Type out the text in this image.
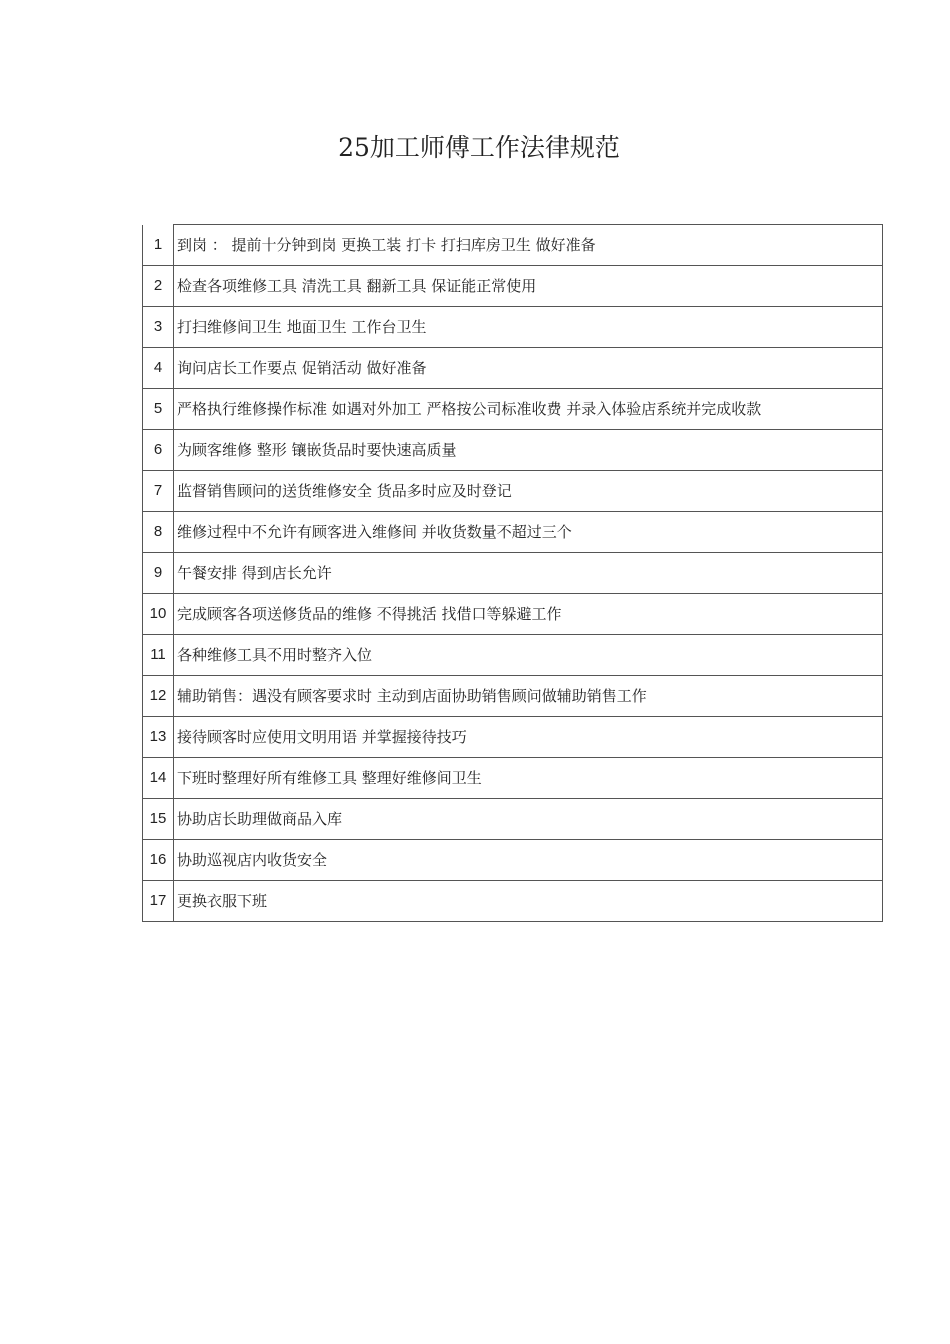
25加工师傅工作法律规范
1	到岗 ： 提前十分钟到岗 更换工装 打卡 打扫库房卫生 做好准备
2	检查各项维修工具 清洗工具 翻新工具 保证能正常使用
3	打扫维修间卫生 地面卫生 工作台卫生
4	询问店长工作要点 促销活动 做好准备
5	严格执行维修操作标准 如遇对外加工 严格按公司标准收费 并录入体验店系统并完成收款
6	为顾客维修 整形 镶嵌货品时要快速高质量
7	监督销售顾问的送货维修安全 货品多时应及时登记
8	维修过程中不允许有顾客进入维修间 并收货数量不超过三个
9	午餐安排 得到店长允许
10	完成顾客各项送修货品的维修 不得挑活 找借口等躲避工作
11	各种维修工具不用时整齐入位
12	辅助销售：遇没有顾客要求时 主动到店面协助销售顾问做辅助销售工作
13	接待顾客时应使用文明用语 并掌握接待技巧
14	下班时整理好所有维修工具 整理好维修间卫生
15	协助店长助理做商品入库
16	协助巡视店内收货安全
17	更换衣服下班
